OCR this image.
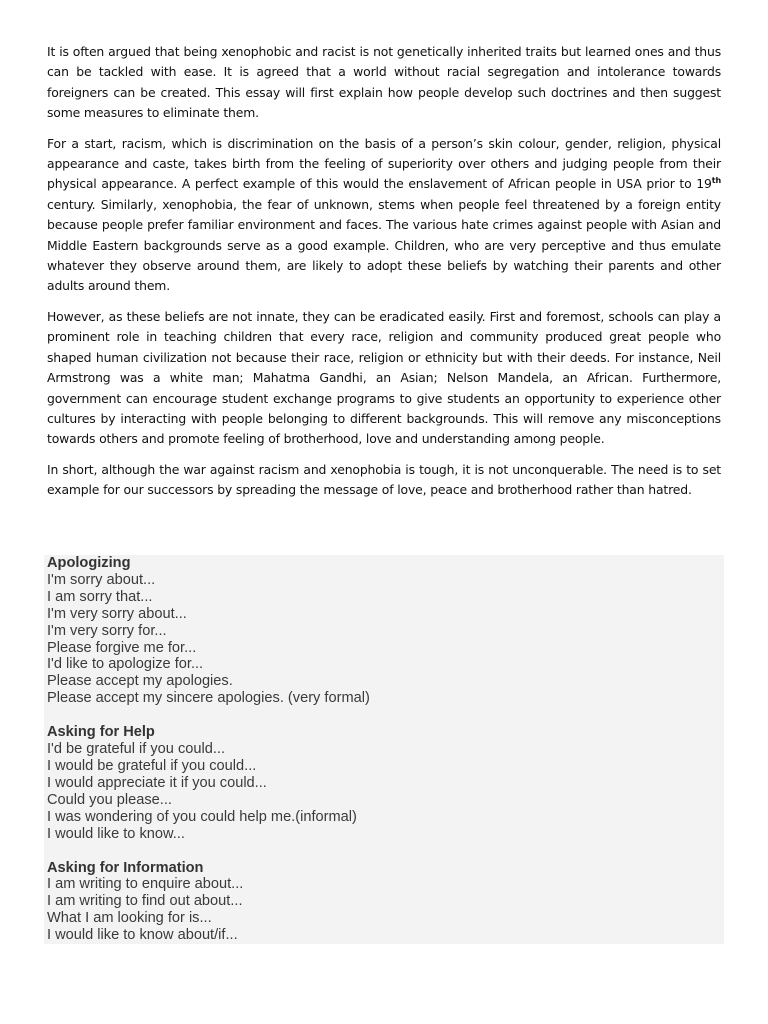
It is often argued that being xenophobic and racist is not genetically inherited traits but learned ones and thus can be tackled with ease. It is agreed that a world without racial segregation and intolerance towards foreigners can be created. This essay will first explain how people develop such doctrines and then suggest some measures to eliminate them.

For a start, racism, which is discrimination on the basis of a person’s skin colour, gender, religion, physical appearance and caste, takes birth from the feeling of superiority over others and judging people from their physical appearance. A perfect example of this would the enslavement of African people in USA prior to 19th century. Similarly, xenophobia, the fear of unknown, stems when people feel threatened by a foreign entity because people prefer familiar environment and faces. The various hate crimes against people with Asian and Middle Eastern backgrounds serve as a good example. Children, who are very perceptive and thus emulate whatever they observe around them, are likely to adopt these beliefs by watching their parents and other adults around them.

However, as these beliefs are not innate, they can be eradicated easily. First and foremost, schools can play a prominent role in teaching children that every race, religion and community produced great people who shaped human civilization not because their race, religion or ethnicity but with their deeds. For instance, Neil Armstrong was a white man; Mahatma Gandhi, an Asian; Nelson Mandela, an African. Furthermore, government can encourage student exchange programs to give students an opportunity to experience other cultures by interacting with people belonging to different backgrounds. This will remove any misconceptions towards others and promote feeling of brotherhood, love and understanding among people.

In short, although the war against racism and xenophobia is tough, it is not unconquerable. The need is to set example for our successors by spreading the message of love, peace and brotherhood rather than hatred.

Apologizing
I'm sorry about...
I am sorry that...
I'm very sorry about...
I'm very sorry for...
Please forgive me for...
I'd like to apologize for...
Please accept my apologies.
Please accept my sincere apologies. (very formal)
Asking for Help
I'd be grateful if you could...
I would be grateful if you could...
I would appreciate it if you could...
Could you please...
I was wondering of you could help me.(informal)
I would like to know...
Asking for Information
I am writing to enquire about...
I am writing to find out about...
What I am looking for is...
I would like to know about/if...
